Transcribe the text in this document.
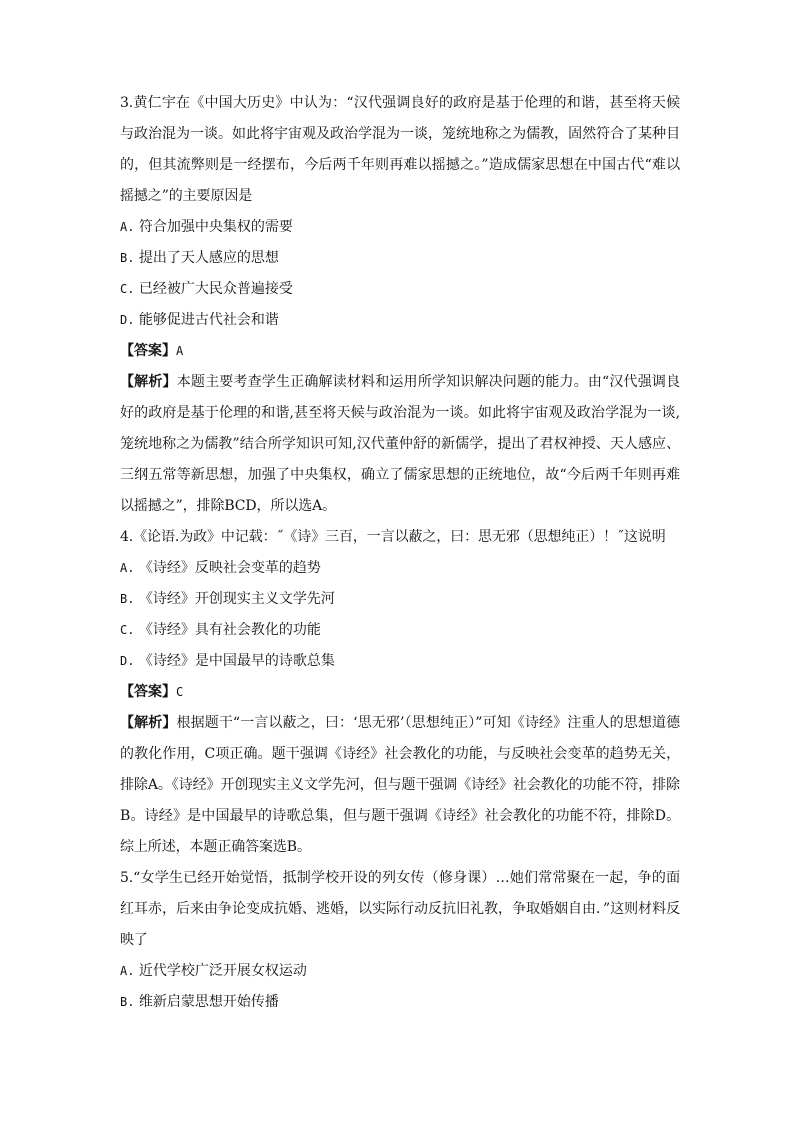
3.黄仁宇在《中国大历史》中认为：“汉代强调良好的政府是基于伦理的和谐，甚至将天候与政治混为一谈。如此将宇宙观及政治学混为一谈，笼统地称之为儒教，固然符合了某种目的，但其流弊则是一经摆布，今后两千年则再难以摇撼之。”造成儒家思想在中国古代“难以摇撼之”的主要原因是

A. 符合加强中央集权的需要

B. 提出了天人感应的思想

C. 已经被广大民众普遍接受

D. 能够促进古代社会和谐

【答案】A

【解析】本题主要考查学生正确解读材料和运用所学知识解决问题的能力。由“汉代强调良好的政府是基于伦理的和谐,甚至将天候与政治混为一谈。如此将宇宙观及政治学混为一谈,笼统地称之为儒教”结合所学知识可知,汉代董仲舒的新儒学，提出了君权神授、天人感应、三纲五常等新思想，加强了中央集权，确立了儒家思想的正统地位，故“今后两千年则再难以摇撼之”，排除BCD，所以选A。

4.《论语.为政》中记载：˝《诗》三百，一言以蔽之，曰：思无邪（思想纯正）！˝这说明

A. 《诗经》反映社会变革的趋势

B. 《诗经》开创现实主义文学先河

C. 《诗经》具有社会教化的功能

D. 《诗经》是中国最早的诗歌总集

【答案】C

【解析】根据题干“一言以蔽之，曰：‘思无邪’（思想纯正）”可知《诗经》注重人的思想道德的教化作用，C项正确。题干强调《诗经》社会教化的功能，与反映社会变革的趋势无关，排除A。《诗经》开创现实主义文学先河，但与题干强调《诗经》社会教化的功能不符，排除B。诗经》是中国最早的诗歌总集，但与题干强调《诗经》社会教化的功能不符，排除D。综上所述，本题正确答案选B。

5.“女学生已经开始觉悟，抵制学校开设的列女传（修身课）…她们常常聚在一起，争的面红耳赤，后来由争论变成抗婚、逃婚，以实际行动反抗旧礼教，争取婚姻自由．”这则材料反映了

A. 近代学校广泛开展女权运动

B. 维新启蒙思想开始传播
